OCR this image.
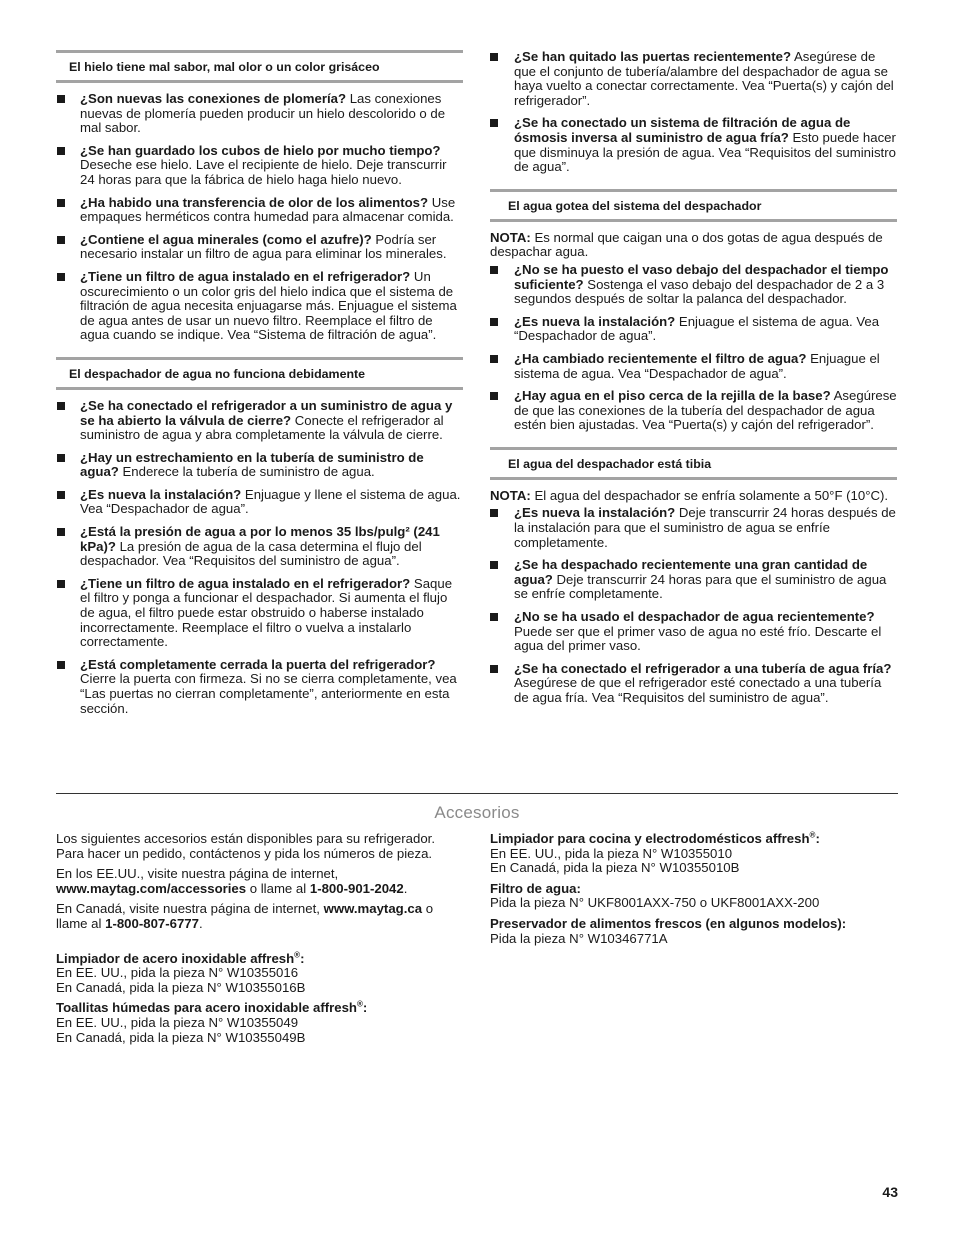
El hielo tiene mal sabor, mal olor o un color grisáceo
¿Son nuevas las conexiones de plomería? Las conexiones nuevas de plomería pueden producir un hielo descolorido o de mal sabor.
¿Se han guardado los cubos de hielo por mucho tiempo? Deseche ese hielo. Lave el recipiente de hielo. Deje transcurrir 24 horas para que la fábrica de hielo haga hielo nuevo.
¿Ha habido una transferencia de olor de los alimentos? Use empaques herméticos contra humedad para almacenar comida.
¿Contiene el agua minerales (como el azufre)? Podría ser necesario instalar un filtro de agua para eliminar los minerales.
¿Tiene un filtro de agua instalado en el refrigerador? Un oscurecimiento o un color gris del hielo indica que el sistema de filtración de agua necesita enjuagarse más. Enjuague el sistema de agua antes de usar un nuevo filtro. Reemplace el filtro de agua cuando se indique. Vea “Sistema de filtración de agua”.
El despachador de agua no funciona debidamente
¿Se ha conectado el refrigerador a un suministro de agua y se ha abierto la válvula de cierre? Conecte el refrigerador al suministro de agua y abra completamente la válvula de cierre.
¿Hay un estrechamiento en la tubería de suministro de agua? Enderece la tubería de suministro de agua.
¿Es nueva la instalación? Enjuague y llene el sistema de agua. Vea “Despachador de agua”.
¿Está la presión de agua a por lo menos 35 lbs/pulg² (241 kPa)? La presión de agua de la casa determina el flujo del despachador. Vea “Requisitos del suministro de agua”.
¿Tiene un filtro de agua instalado en el refrigerador? Saque el filtro y ponga a funcionar el despachador. Si aumenta el flujo de agua, el filtro puede estar obstruido o haberse instalado incorrectamente. Reemplace el filtro o vuelva a instalarlo correctamente.
¿Está completamente cerrada la puerta del refrigerador? Cierre la puerta con firmeza. Si no se cierra completamente, vea “Las puertas no cierran completamente”, anteriormente en esta sección.
¿Se han quitado las puertas recientemente? Asegúrese de que el conjunto de tubería/alambre del despachador de agua se haya vuelto a conectar correctamente. Vea “Puerta(s) y cajón del refrigerador”.
¿Se ha conectado un sistema de filtración de agua de ósmosis inversa al suministro de agua fría? Esto puede hacer que disminuya la presión de agua. Vea “Requisitos del suministro de agua”.
El agua gotea del sistema del despachador

NOTA: Es normal que caigan una o dos gotas de agua después de despachar agua.

¿No se ha puesto el vaso debajo del despachador el tiempo suficiente? Sostenga el vaso debajo del despachador de 2 a 3 segundos después de soltar la palanca del despachador.
¿Es nueva la instalación? Enjuague el sistema de agua. Vea “Despachador de agua”.
¿Ha cambiado recientemente el filtro de agua? Enjuague el sistema de agua. Vea “Despachador de agua”.
¿Hay agua en el piso cerca de la rejilla de la base? Asegúrese de que las conexiones de la tubería del despachador de agua estén bien ajustadas. Vea “Puerta(s) y cajón del refrigerador”.
El agua del despachador está tibia

NOTA: El agua del despachador se enfría solamente a 50°F (10°C).

¿Es nueva la instalación? Deje transcurrir 24 horas después de la instalación para que el suministro de agua se enfríe completamente.
¿Se ha despachado recientemente una gran cantidad de agua? Deje transcurrir 24 horas para que el suministro de agua se enfríe completamente.
¿No se ha usado el despachador de agua recientemente? Puede ser que el primer vaso de agua no esté frío. Descarte el agua del primer vaso.
¿Se ha conectado el refrigerador a una tubería de agua fría? Asegúrese de que el refrigerador esté conectado a una tubería de agua fría. Vea “Requisitos del suministro de agua”.
Accesorios

Los siguientes accesorios están disponibles para su refrigerador. Para hacer un pedido, contáctenos y pida los números de pieza.

En los EE.UU., visite nuestra página de internet,
www.maytag.com/accessories o llame al 1-800-901-2042.

En Canadá, visite nuestra página de internet, www.maytag.ca o llame al 1-800-807-6777.

Limpiador de acero inoxidable affresh®:
En EE. UU., pida la pieza N° W10355016
En Canadá, pida la pieza N° W10355016B
Toallitas húmedas para acero inoxidable affresh®:
En EE. UU., pida la pieza N° W10355049
En Canadá, pida la pieza N° W10355049B
Limpiador para cocina y electrodomésticos affresh®:
En EE. UU., pida la pieza N° W10355010
En Canadá, pida la pieza N° W10355010B
Filtro de agua:
Pida la pieza N° UKF8001AXX-750 o UKF8001AXX-200
Preservador de alimentos frescos (en algunos modelos):
Pida la pieza N° W10346771A
43
